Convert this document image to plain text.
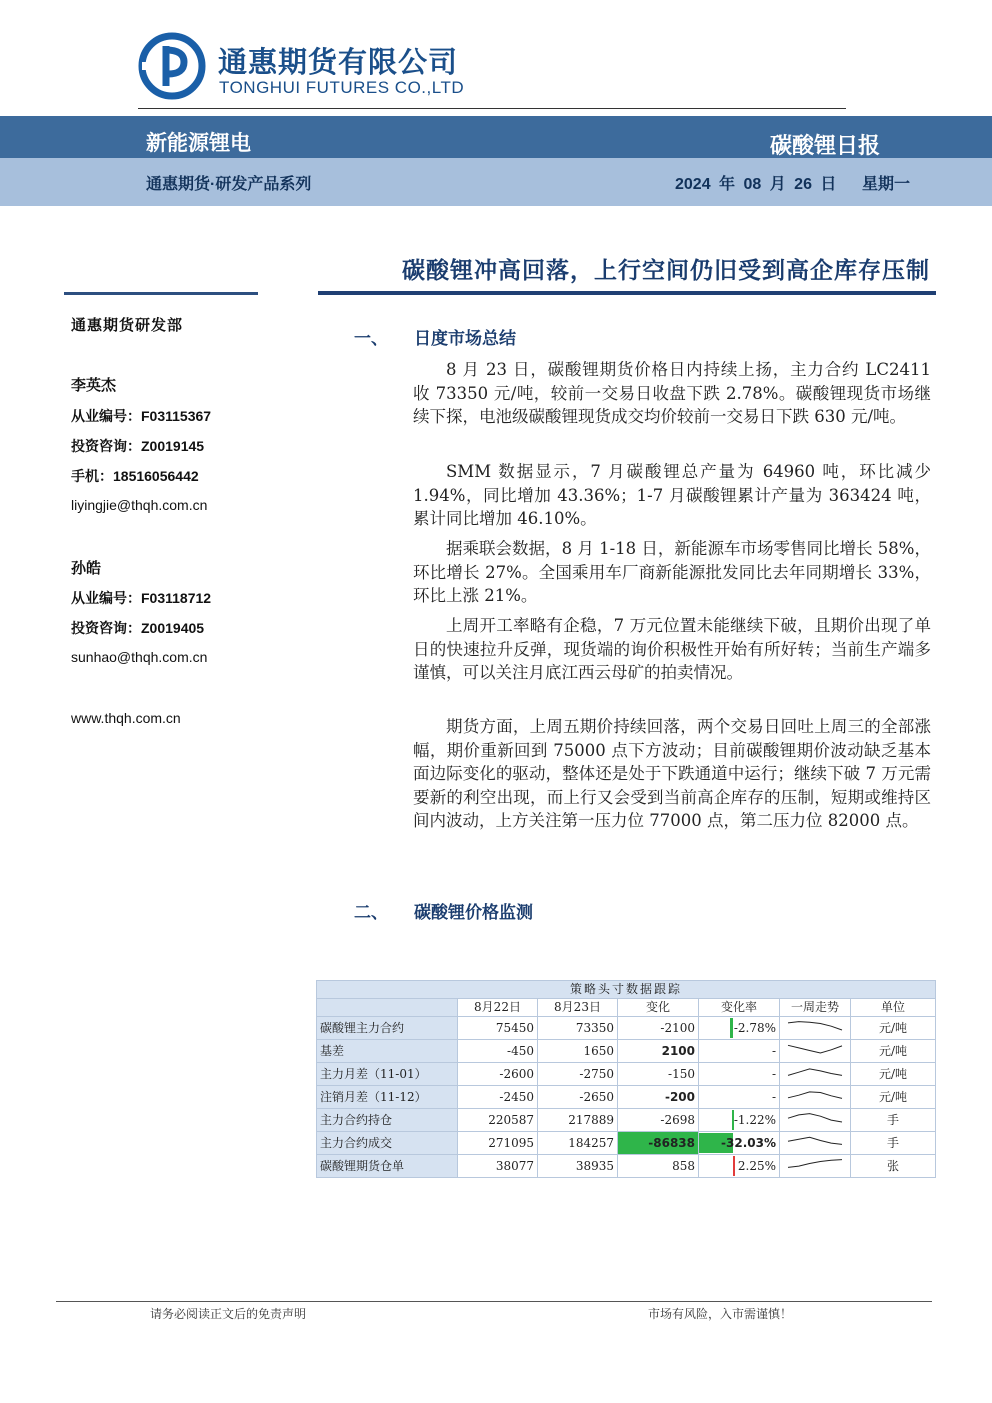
通惠期货有限公司
TONGHUI FUTURES CO.,LTD
新能源锂电	碳酸锂日报
通惠期货·研发产品系列	2024 年 08 月 26 日 星期一
碳酸锂冲高回落，上行空间仍旧受到高企库存压制
通惠期货研发部
李英杰
从业编号：F03115367
投资咨询：Z0019145
手机：18516056442
liyingjie@thqh.com.cn
孙皓
从业编号：F03118712
投资咨询：Z0019405
sunhao@thqh.com.cn
www.thqh.com.cn
一、 日度市场总结
8 月 23 日，碳酸锂期货价格日内持续上扬，主力合约 LC2411 收 73350 元/吨，较前一交易日收盘下跌 2.78%。碳酸锂现货市场继续下探，电池级碳酸锂现货成交均价较前一交易日下跌 630 元/吨。
SMM 数据显示，7 月碳酸锂总产量为 64960 吨，环比减少 1.94%，同比增加 43.36%；1-7 月碳酸锂累计产量为 363424 吨，累计同比增加 46.10%。
据乘联会数据，8 月 1-18 日，新能源车市场零售同比增长 58%，环比增长 27%。全国乘用车厂商新能源批发同比去年同期增长 33%，环比上涨 21%。
上周开工率略有企稳，7 万元位置未能继续下破，且期价出现了单日的快速拉升反弹，现货端的询价积极性开始有所好转；当前生产端多谨慎，可以关注月底江西云母矿的拍卖情况。
期货方面，上周五期价持续回落，两个交易日回吐上周三的全部涨幅，期价重新回到 75000 点下方波动；目前碳酸锂期价波动缺乏基本面边际变化的驱动，整体还是处于下跌通道中运行；继续下破 7 万元需要新的利空出现，而上行又会受到当前高企库存的压制，短期或维持区间内波动，上方关注第一压力位 77000 点，第二压力位 82000 点。
二、 碳酸锂价格监测
策略头寸数据跟踪						
	8月22日	8月23日	变化	变化率	一周走势	单位
碳酸锂主力合约	75450	73350	-2100	-2.78%		元/吨
基差	-450	1650	2100	-		元/吨
主力月差（11-01）	-2600	-2750	-150	-		元/吨
注销月差（11-12）	-2450	-2650	-200	-		元/吨
主力合约持仓	220587	217889	-2698	-1.22%		手
主力合约成交	271095	184257	-86838	-32.03%		手
碳酸锂期货仓单	38077	38935	858	2.25%		张
请务必阅读正文后的免责声明	市场有风险，入市需谨慎！
